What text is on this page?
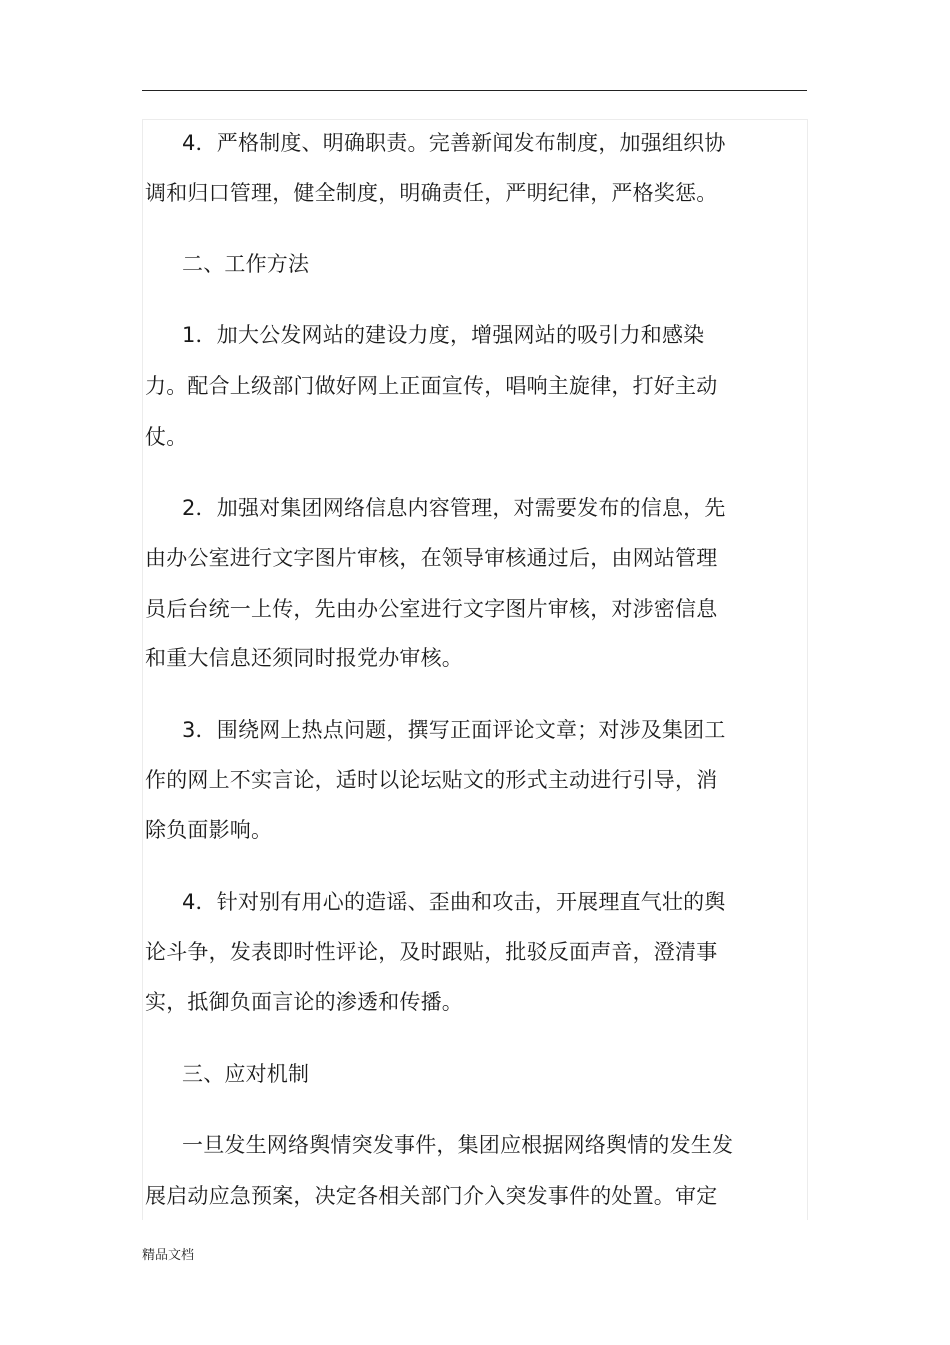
4．严格制度、明确职责。完善新闻发布制度，加强组织协
调和归口管理，健全制度，明确责任，严明纪律，严格奖惩。
二、工作方法
1．加大公发网站的建设力度，增强网站的吸引力和感染
力。配合上级部门做好网上正面宣传，唱响主旋律，打好主动
仗。
2．加强对集团网络信息内容管理，对需要发布的信息，先
由办公室进行文字图片审核，在领导审核通过后，由网站管理
员后台统一上传，先由办公室进行文字图片审核，对涉密信息
和重大信息还须同时报党办审核。
3．围绕网上热点问题，撰写正面评论文章；对涉及集团工
作的网上不实言论，适时以论坛贴文的形式主动进行引导，消
除负面影响。
4．针对别有用心的造谣、歪曲和攻击，开展理直气壮的舆
论斗争，发表即时性评论，及时跟贴，批驳反面声音，澄清事
实，抵御负面言论的渗透和传播。
三、应对机制
一旦发生网络舆情突发事件，集团应根据网络舆情的发生发
展启动应急预案，决定各相关部门介入突发事件的处置。审定
精品文档
